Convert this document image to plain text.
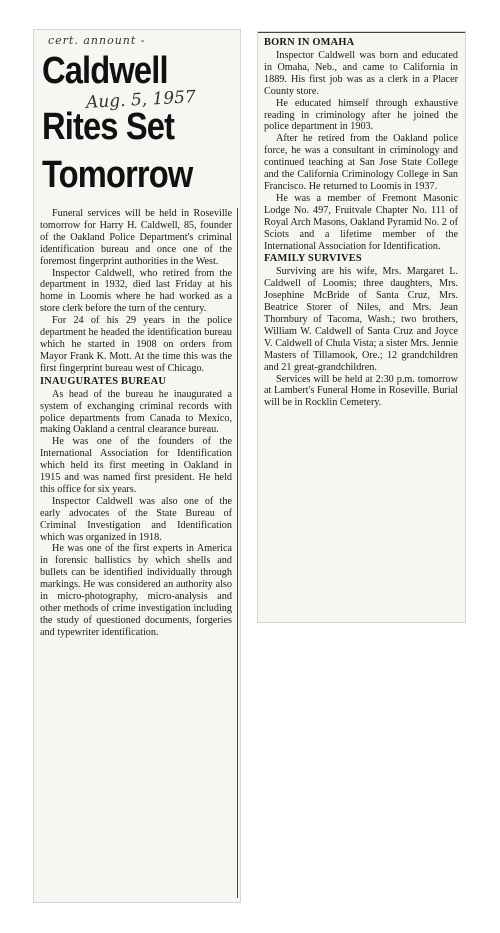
cert. annount -
Caldwell
Aug. 5, 1957
Rites Set
Tomorrow

Funeral services will be held in Roseville tomorrow for Harry H. Caldwell, 85, founder of the Oakland Police Department's criminal identification bureau and once one of the foremost fingerprint authorities in the West.

Inspector Caldwell, who retired from the department in 1932, died last Friday at his home in Loomis where he had worked as a store clerk before the turn of the century.

For 24 of his 29 years in the police department he headed the identification bureau which he started in 1908 on orders from Mayor Frank K. Mott. At the time this was the first fingerprint bureau west of Chicago.

INAUGURATES BUREAU

As head of the bureau he inaugurated a system of exchanging criminal records with police departments from Canada to Mexico, making Oakland a central clearance bureau.

He was one of the founders of the International Association for Identification which held its first meeting in Oakland in 1915 and was named first president. He held this office for six years.

Inspector Caldwell was also one of the early advocates of the State Bureau of Criminal Investigation and Identification which was organized in 1918.

He was one of the first experts in America in forensic ballistics by which shells and bullets can be identified individually through markings. He was considered an authority also in micro-photography, micro-analysis and other methods of crime investigation including the study of questioned documents, forgeries and typewriter identification.

BORN IN OMAHA

Inspector Caldwell was born and educated in Omaha, Neb., and came to California in 1889. His first job was as a clerk in a Placer County store.

He educated himself through exhaustive reading in criminology after he joined the police department in 1903.

After he retired from the Oakland police force, he was a consultant in criminology and continued teaching at San Jose State College and the California Criminology College in San Francisco. He returned to Loomis in 1937.

He was a member of Fremont Masonic Lodge No. 497, Fruitvale Chapter No. 111 of Royal Arch Masons, Oakland Pyramid No. 2 of Sciots and a lifetime member of the International Association for Identification.

FAMILY SURVIVES

Surviving are his wife, Mrs. Margaret L. Caldwell of Loomis; three daughters, Mrs. Josephine McBride of Santa Cruz, Mrs. Beatrice Storer of Niles, and Mrs. Jean Thornbury of Tacoma, Wash.; two brothers, William W. Caldwell of Santa Cruz and Joyce V. Caldwell of Chula Vista; a sister Mrs. Jennie Masters of Tillamook, Ore.; 12 grandchildren and 21 great-grandchildren.

Services will be held at 2:30 p.m. tomorrow at Lambert's Funeral Home in Roseville. Burial will be in Rocklin Cemetery.
